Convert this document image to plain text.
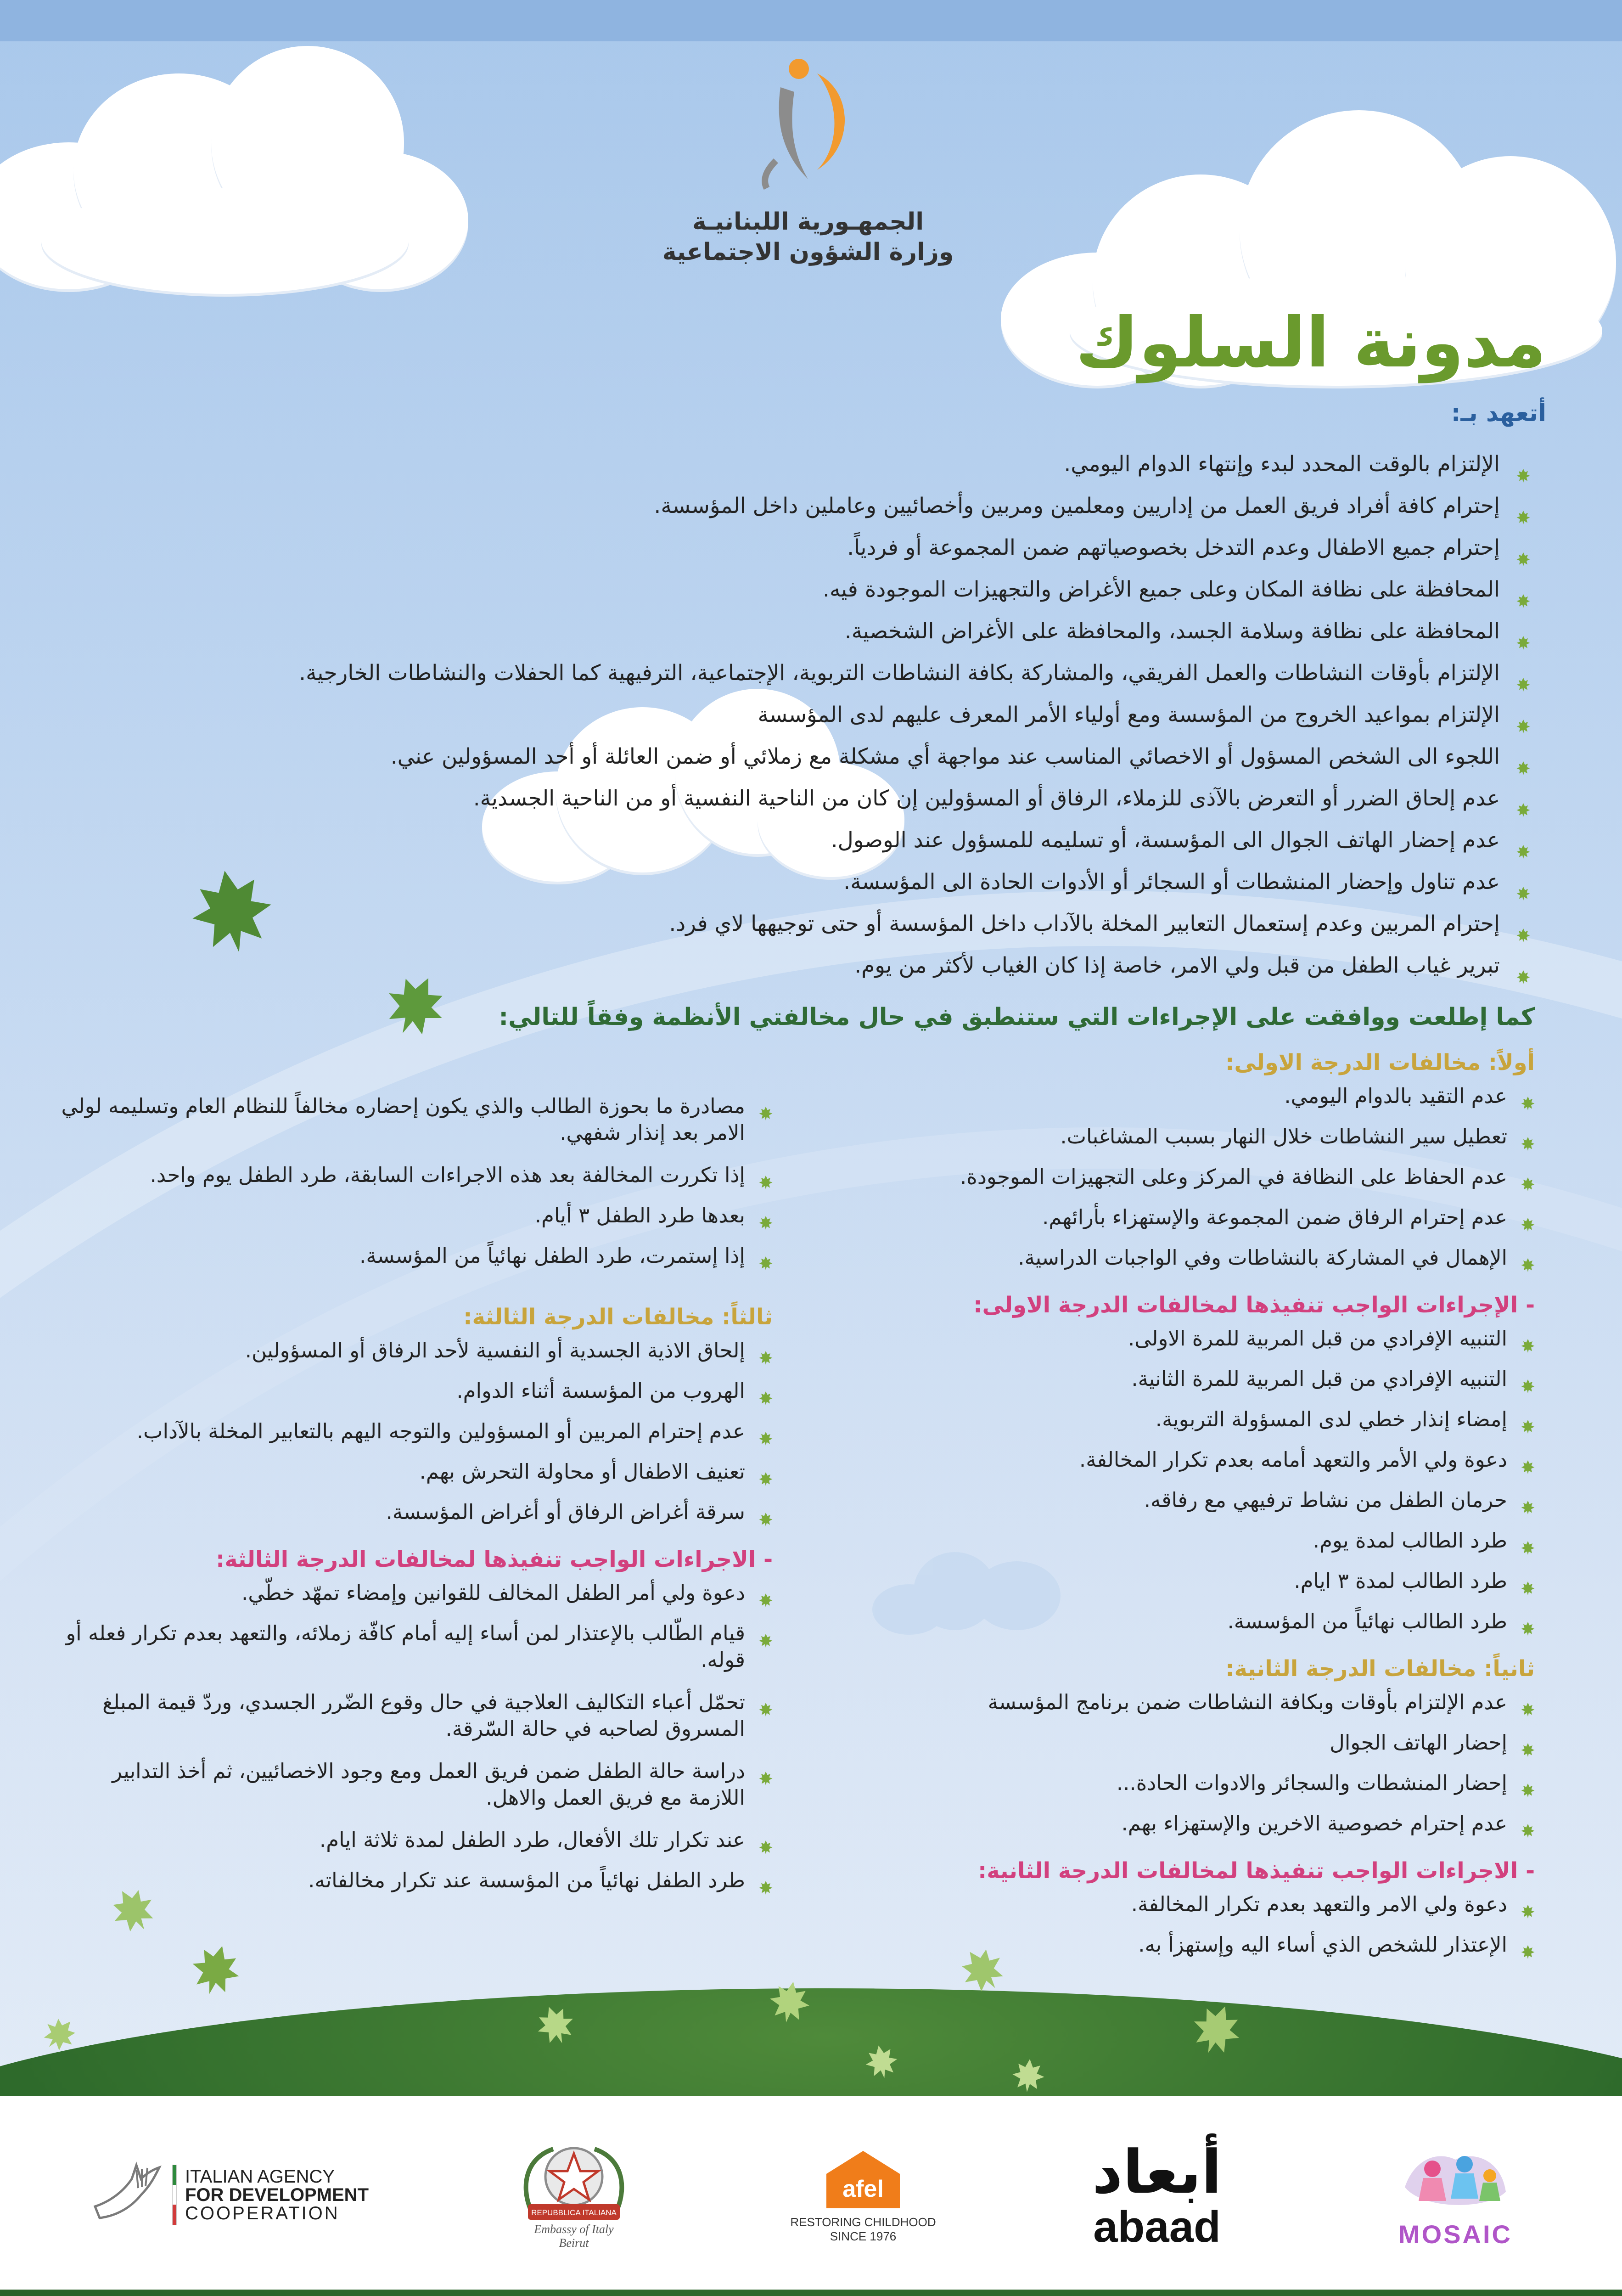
الجمهـورية اللبنانيـة
وزارة الشؤون الاجتماعية
مدونة السلوك
أتعهد بـ:
الإلتزام بالوقت المحدد لبدء وإنتهاء الدوام اليومي.
إحترام كافة أفراد فريق العمل من إداريين ومعلمين ومربين وأخصائيين وعاملين داخل المؤسسة.
إحترام جميع الاطفال وعدم التدخل بخصوصياتهم ضمن المجموعة أو فردياً.
المحافظة على نظافة المكان وعلى جميع الأغراض والتجهيزات الموجودة فيه.
المحافظة على نظافة وسلامة الجسد، والمحافظة على الأغراض الشخصية.
الإلتزام بأوقات النشاطات والعمل الفريقي، والمشاركة بكافة النشاطات التربوية، الإجتماعية، الترفيهية كما الحفلات والنشاطات الخارجية.
الإلتزام بمواعيد الخروج من المؤسسة ومع أولياء الأمر المعرف عليهم لدى المؤسسة
اللجوء الى الشخص المسؤول أو الاخصائي المناسب عند مواجهة أي مشكلة مع زملائي أو ضمن العائلة أو أحد المسؤولين عني.
عدم إلحاق الضرر أو التعرض بالآذى للزملاء، الرفاق أو المسؤولين إن كان من الناحية النفسية أو من الناحية الجسدية.
عدم إحضار الهاتف الجوال الى المؤسسة، أو تسليمه للمسؤول عند الوصول.
عدم تناول وإحضار المنشطات أو السجائر أو الأدوات الحادة الى المؤسسة.
إحترام المربين وعدم إستعمال التعابير المخلة بالآداب داخل المؤسسة أو حتى توجيهها لاي فرد.
تبرير غياب الطفل من قبل ولي الامر، خاصة إذا كان الغياب لأكثر من يوم.
كما إطلعت ووافقت على الإجراءات التي ستنطبق في حال مخالفتي الأنظمة وفقاً للتالي:
أولاً: مخالفات الدرجة الاولى:
عدم التقيد بالدوام اليومي.
تعطيل سير النشاطات خلال النهار بسبب المشاغبات.
عدم الحفاظ على النظافة في المركز وعلى التجهيزات الموجودة.
عدم إحترام الرفاق ضمن المجموعة والإستهزاء بأرائهم.
الإهمال في المشاركة بالنشاطات وفي الواجبات الدراسية.
- الإجراءات الواجب تنفيذها لمخالفات الدرجة الاولى:
التنبيه الإفرادي من قبل المربية للمرة الاولى.
التنبيه الإفرادي من قبل المربية للمرة الثانية.
إمضاء إنذار خطي لدى المسؤولة التربوية.
دعوة ولي الأمر والتعهد أمامه بعدم تكرار المخالفة.
حرمان الطفل من نشاط ترفيهي مع رفاقه.
طرد الطالب لمدة يوم.
طرد الطالب لمدة ٣ ايام.
طرد الطالب نهائياً من المؤسسة.
ثانياً: مخالفات الدرجة الثانية:
عدم الإلتزام بأوقات وبكافة النشاطات ضمن برنامج المؤسسة
إحضار الهاتف الجوال
إحضار المنشطات والسجائر والادوات الحادة...
عدم إحترام خصوصية الاخرين والإستهزاء بهم.
- الاجراءات الواجب تنفيذها لمخالفات الدرجة الثانية:
دعوة ولي الامر والتعهد بعدم تكرار المخالفة.
الإعتذار للشخص الذي أساء اليه وإستهزأ به.
مصادرة ما بحوزة الطالب والذي يكون إحضاره مخالفاً للنظام العام وتسليمه لولي الامر بعد إنذار شفهي.
إذا تكررت المخالفة بعد هذه الاجراءات السابقة، طرد الطفل يوم واحد.
بعدها طرد الطفل ٣ أيام.
إذا إستمرت، طرد الطفل نهائياً من المؤسسة.
ثالثاً: مخالفات الدرجة الثالثة:
إلحاق الاذية الجسدية أو النفسية لأحد الرفاق أو المسؤولين.
الهروب من المؤسسة أثناء الدوام.
عدم إحترام المربين أو المسؤولين والتوجه اليهم بالتعابير المخلة بالآداب.
تعنيف الاطفال أو محاولة التحرش بهم.
سرقة أغراض الرفاق أو أغراض المؤسسة.
- الاجراءات الواجب تنفيذها لمخالفات الدرجة الثالثة:
دعوة ولي أمر الطفل المخالف للقوانين وإمضاء تمهّد خطّي.
قيام الطّالب بالإعتذار لمن أساء إليه أمام كافّة زملائه، والتعهد بعدم تكرار فعله أو قوله.
تحمّل أعباء التكاليف العلاجية في حال وقوع الضّرر الجسدي، وردّ قيمة المبلغ المسروق لصاحبه في حالة السّرقة.
دراسة حالة الطفل ضمن فريق العمل ومع وجود الاخصائيين، ثم أخذ التدابير اللازمة مع فريق العمل والاهل.
عند تكرار تلك الأفعال، طرد الطفل لمدة ثلاثة ايام.
طرد الطفل نهائياً من المؤسسة عند تكرار مخالفاته.
ITALIAN AGENCY
FOR DEVELOPMENT
COOPERATION	REPUBBLICA ITALIANA
Embassy of Italy
Beirut
afel
RESTORING CHILDHOOD
SINCE 1976
أبعاد
abaad	MOSAIC
